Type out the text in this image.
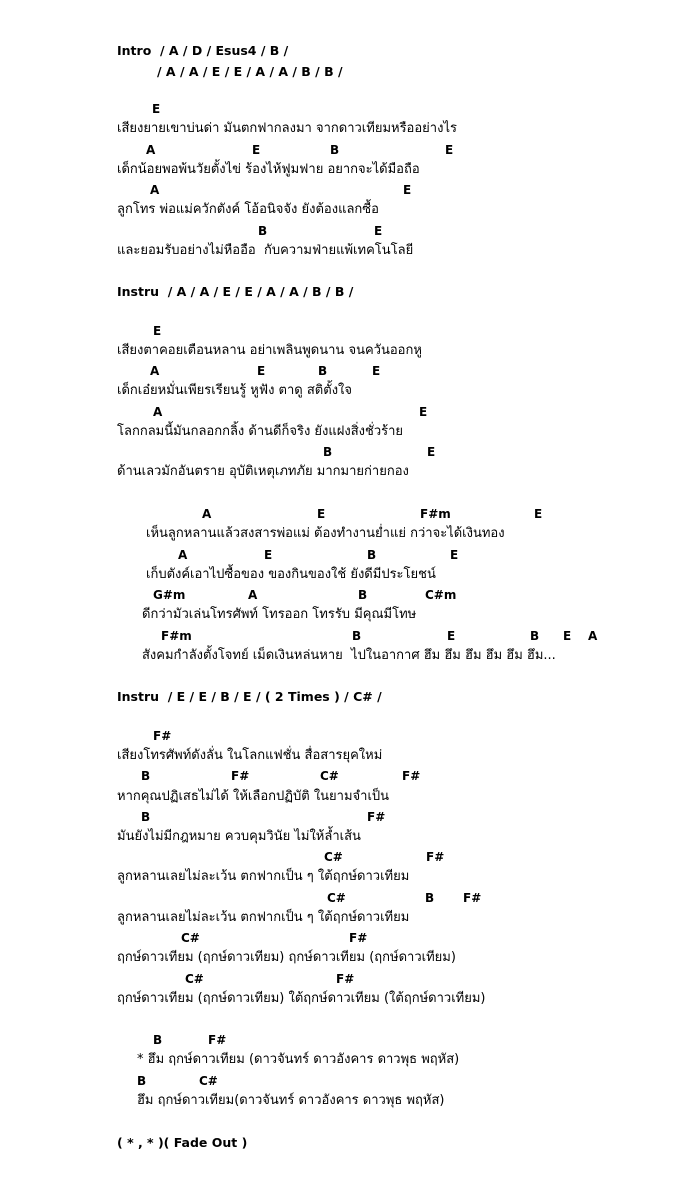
Intro  / A / D / Esus4 / B /
/ A / A / E / E / A / A / B / B /
E
เสียงยายเขาบ่นด่า มันตกฟากลงมา จากดาวเทียมหรืออย่างไร

A

	E

	B

	E

เด็กน้อยพอพ้นวัยตั้งไข่ ร้องไห้ฟูมฟาย อยากจะได้มือถือ

A

	E

ลูกโทร พ่อแม่ควักตังค์ โอ้อนิจจัง ยังต้องแลกซื้อ

B

	E

และยอมรับอย่างไม่หืออือ  กับความฟ่ายแพ้เทคโนโลยี
Instru  / A / A / E / E / A / A / B / B /
E
เสียงตาคอยเตือนหลาน อย่าเพลินพูดนาน จนควันออกหู

A

	E

	B

	E

เด็กเอ๋ยหมั่นเพียรเรียนรู้ หูฟัง ตาดู สติตั้งใจ

A

	E

โลกกลมนี้มันกลอกกลิ้ง ด้านดีก็จริง ยังแฝงสิ่งชั่วร้าย

B

	E

ด้านเลวมักอันตราย อุบัติเหตุเภทภัย มากมายก่ายกอง

A

	E

	F#m

	E

เห็นลูกหลานแล้วสงสารพ่อแม่ ต้องทำงานย่ำแย่ กว่าจะได้เงินทอง

A

	E

	B

	E

เก็บตังค์เอาไปซื้อของ ของกินของใช้ ยังดีมีประโยชน์

G#m

	A

	B

	C#m

ดีกว่ามัวเล่นโทรศัพท์ โทรออก โทรรับ มีคุณมีโทษ

F#m

	B

	E

	B

E

A

สังคมกำลังตั้งโจทย์ เม็ดเงินหล่นหาย  ไปในอากาศ ฮึม ฮึม ฮึม ฮึม ฮึม ฮึม...
Instru  / E / E / B / E / ( 2 Times ) / C# /
F#
เสียงโทรศัพท์ดังลั่น ในโลกแฟชั่น สื่อสารยุคใหม่

B

	F#

	C#

	F#

หากคุณปฏิเสธไม่ได้ ให้เลือกปฏิบัติ ในยามจำเป็น

B

	F#

มันยังไม่มีกฎหมาย ควบคุมวินัย ไม่ให้ล้ำเส้น

C#

	F#

ลูกหลานเลยไม่ละเว้น ตกฟากเป็น ๆ ใต้ฤกษ์ดาวเทียม

C#

	B

F#

ลูกหลานเลยไม่ละเว้น ตกฟากเป็น ๆ ใต้ฤกษ์ดาวเทียม

C#

	F#

ฤกษ์ดาวเทียม (ฤกษ์ดาวเทียม) ฤกษ์ดาวเทียม (ฤกษ์ดาวเทียม)

C#

	F#

ฤกษ์ดาวเทียม (ฤกษ์ดาวเทียม) ใต้ฤกษ์ดาวเทียม (ใต้ฤกษ์ดาวเทียม)

B

	F#

* ฮึม ฤกษ์ดาวเทียม (ดาวจันทร์ ดาวอังคาร ดาวพุธ พฤหัส)

B

	C#

ฮึม ฤกษ์ดาวเทียม(ดาวจันทร์ ดาวอังคาร ดาวพุธ พฤหัส)
( * , * )( Fade Out )
